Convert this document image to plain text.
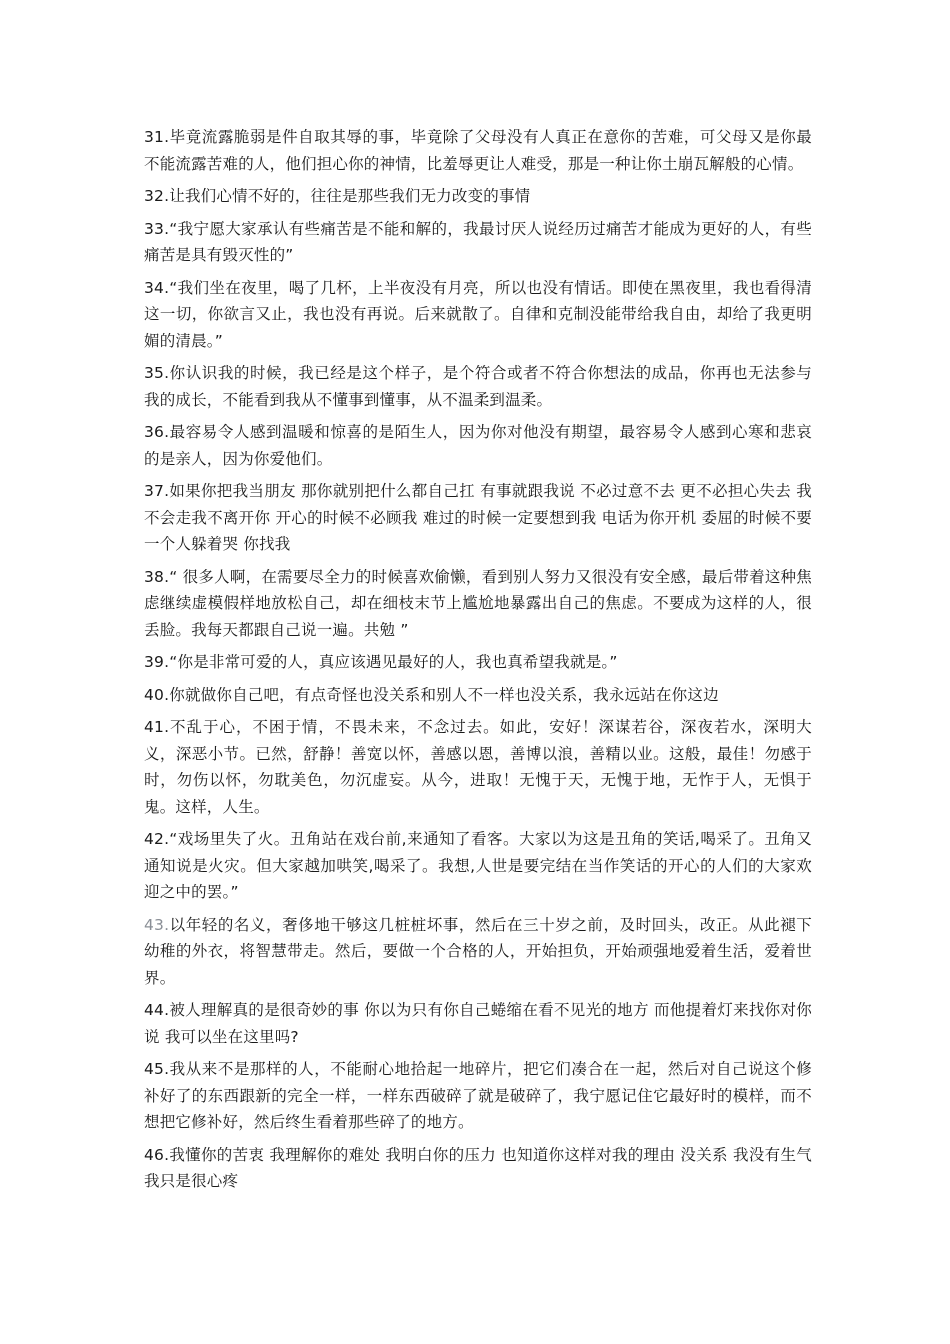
31.毕竟流露脆弱是件自取其辱的事，毕竟除了父母没有人真正在意你的苦难，可父母又是你最不能流露苦难的人，他们担心你的神情，比羞辱更让人难受，那是一种让你土崩瓦解般的心情。

32.让我们心情不好的，往往是那些我们无力改变的事情

33.“我宁愿大家承认有些痛苦是不能和解的，我最讨厌人说经历过痛苦才能成为更好的人，有些痛苦是具有毁灭性的”

34.“我们坐在夜里，喝了几杯，上半夜没有月亮，所以也没有情话。即使在黑夜里，我也看得清这一切，你欲言又止，我也没有再说。后来就散了。自律和克制没能带给我自由，却给了我更明媚的清晨。”

35.你认识我的时候，我已经是这个样子，是个符合或者不符合你想法的成品，你再也无法参与我的成长，不能看到我从不懂事到懂事，从不温柔到温柔。

36.最容易令人感到温暖和惊喜的是陌生人，因为你对他没有期望，最容易令人感到心寒和悲哀的是亲人，因为你爱他们。

37.如果你把我当朋友 那你就别把什么都自己扛 有事就跟我说 不必过意不去 更不必担心失去 我不会走我不离开你 开心的时候不必顾我 难过的时候一定要想到我 电话为你开机 委屈的时候不要一个人躲着哭 你找我

38.“ 很多人啊，在需要尽全力的时候喜欢偷懒，看到别人努力又很没有安全感，最后带着这种焦虑继续虚模假样地放松自己，却在细枝末节上尴尬地暴露出自己的焦虑。不要成为这样的人，很丢脸。我每天都跟自己说一遍。共勉 ”

39.“你是非常可爱的人，真应该遇见最好的人，我也真希望我就是。”

40.你就做你自己吧，有点奇怪也没关系和别人不一样也没关系，我永远站在你这边

41.不乱于心，不困于情，不畏未来，不念过去。如此，安好！深谋若谷，深夜若水，深明大义，深恶小节。已然，舒静！善宽以怀，善感以恩，善博以浪，善精以业。这般，最佳！勿感于时，勿伤以怀，勿耽美色，勿沉虚妄。从今，进取！无愧于天，无愧于地，无怍于人，无惧于鬼。这样，人生。

42.“戏场里失了火。丑角站在戏台前,来通知了看客。大家以为这是丑角的笑话,喝采了。丑角又通知说是火灾。但大家越加哄笑,喝采了。我想,人世是要完结在当作笑话的开心的人们的大家欢迎之中的罢。”

43.以年轻的名义，奢侈地干够这几桩桩坏事，然后在三十岁之前，及时回头，改正。从此褪下幼稚的外衣，将智慧带走。然后，要做一个合格的人，开始担负，开始顽强地爱着生活，爱着世界。

44.被人理解真的是很奇妙的事 你以为只有你自己蜷缩在看不见光的地方 而他提着灯来找你对你说 我可以坐在这里吗?

45.我从来不是那样的人，不能耐心地拾起一地碎片，把它们凑合在一起，然后对自己说这个修补好了的东西跟新的完全一样，一样东西破碎了就是破碎了，我宁愿记住它最好时的模样，而不想把它修补好，然后终生看着那些碎了的地方。

46.我懂你的苦衷 我理解你的难处 我明白你的压力 也知道你这样对我的理由 没关系 我没有生气 我只是很心疼
